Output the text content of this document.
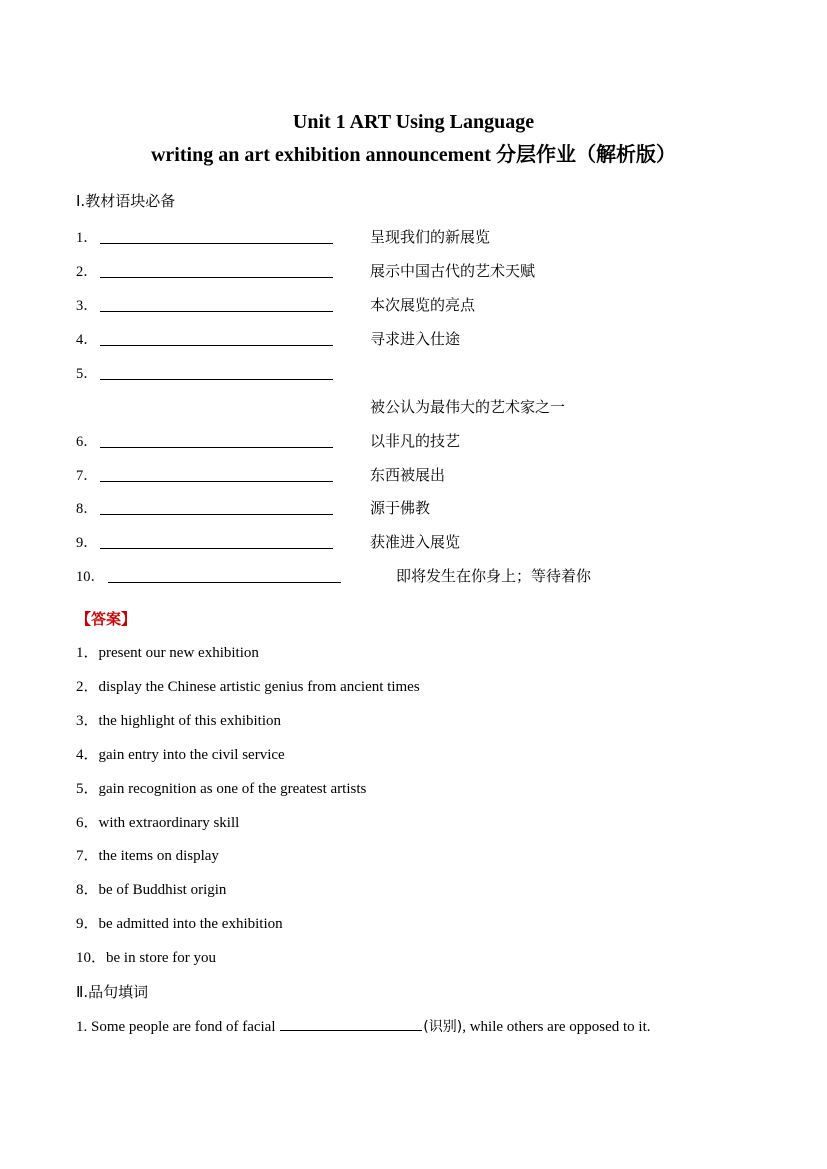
Unit 1 ART Using Language
writing an art exhibition announcement 分层作业（解析版）
Ⅰ.教材语块必备
1．	呈现我们的新展览
2．	展示中国古代的艺术天赋
3．	本次展览的亮点
4．	寻求进入仕途
5．
被公认为最伟大的艺术家之一
6．	以非凡的技艺
7．	东西被展出
8．	源于佛教
9．	获准进入展览
10．	即将发生在你身上；等待着你
【答案】
1．present our new exhibition
2．display the Chinese artistic genius from ancient times
3．the highlight of this exhibition
4．gain entry into the civil service
5．gain recognition as one of the greatest artists
6．with extraordinary skill
7．the items on display
8．be of Buddhist origin
9．be admitted into the exhibition
10．be in store for you
Ⅱ.品句填词
1. Some people are fond of facial	(识别), while others are opposed to it.
